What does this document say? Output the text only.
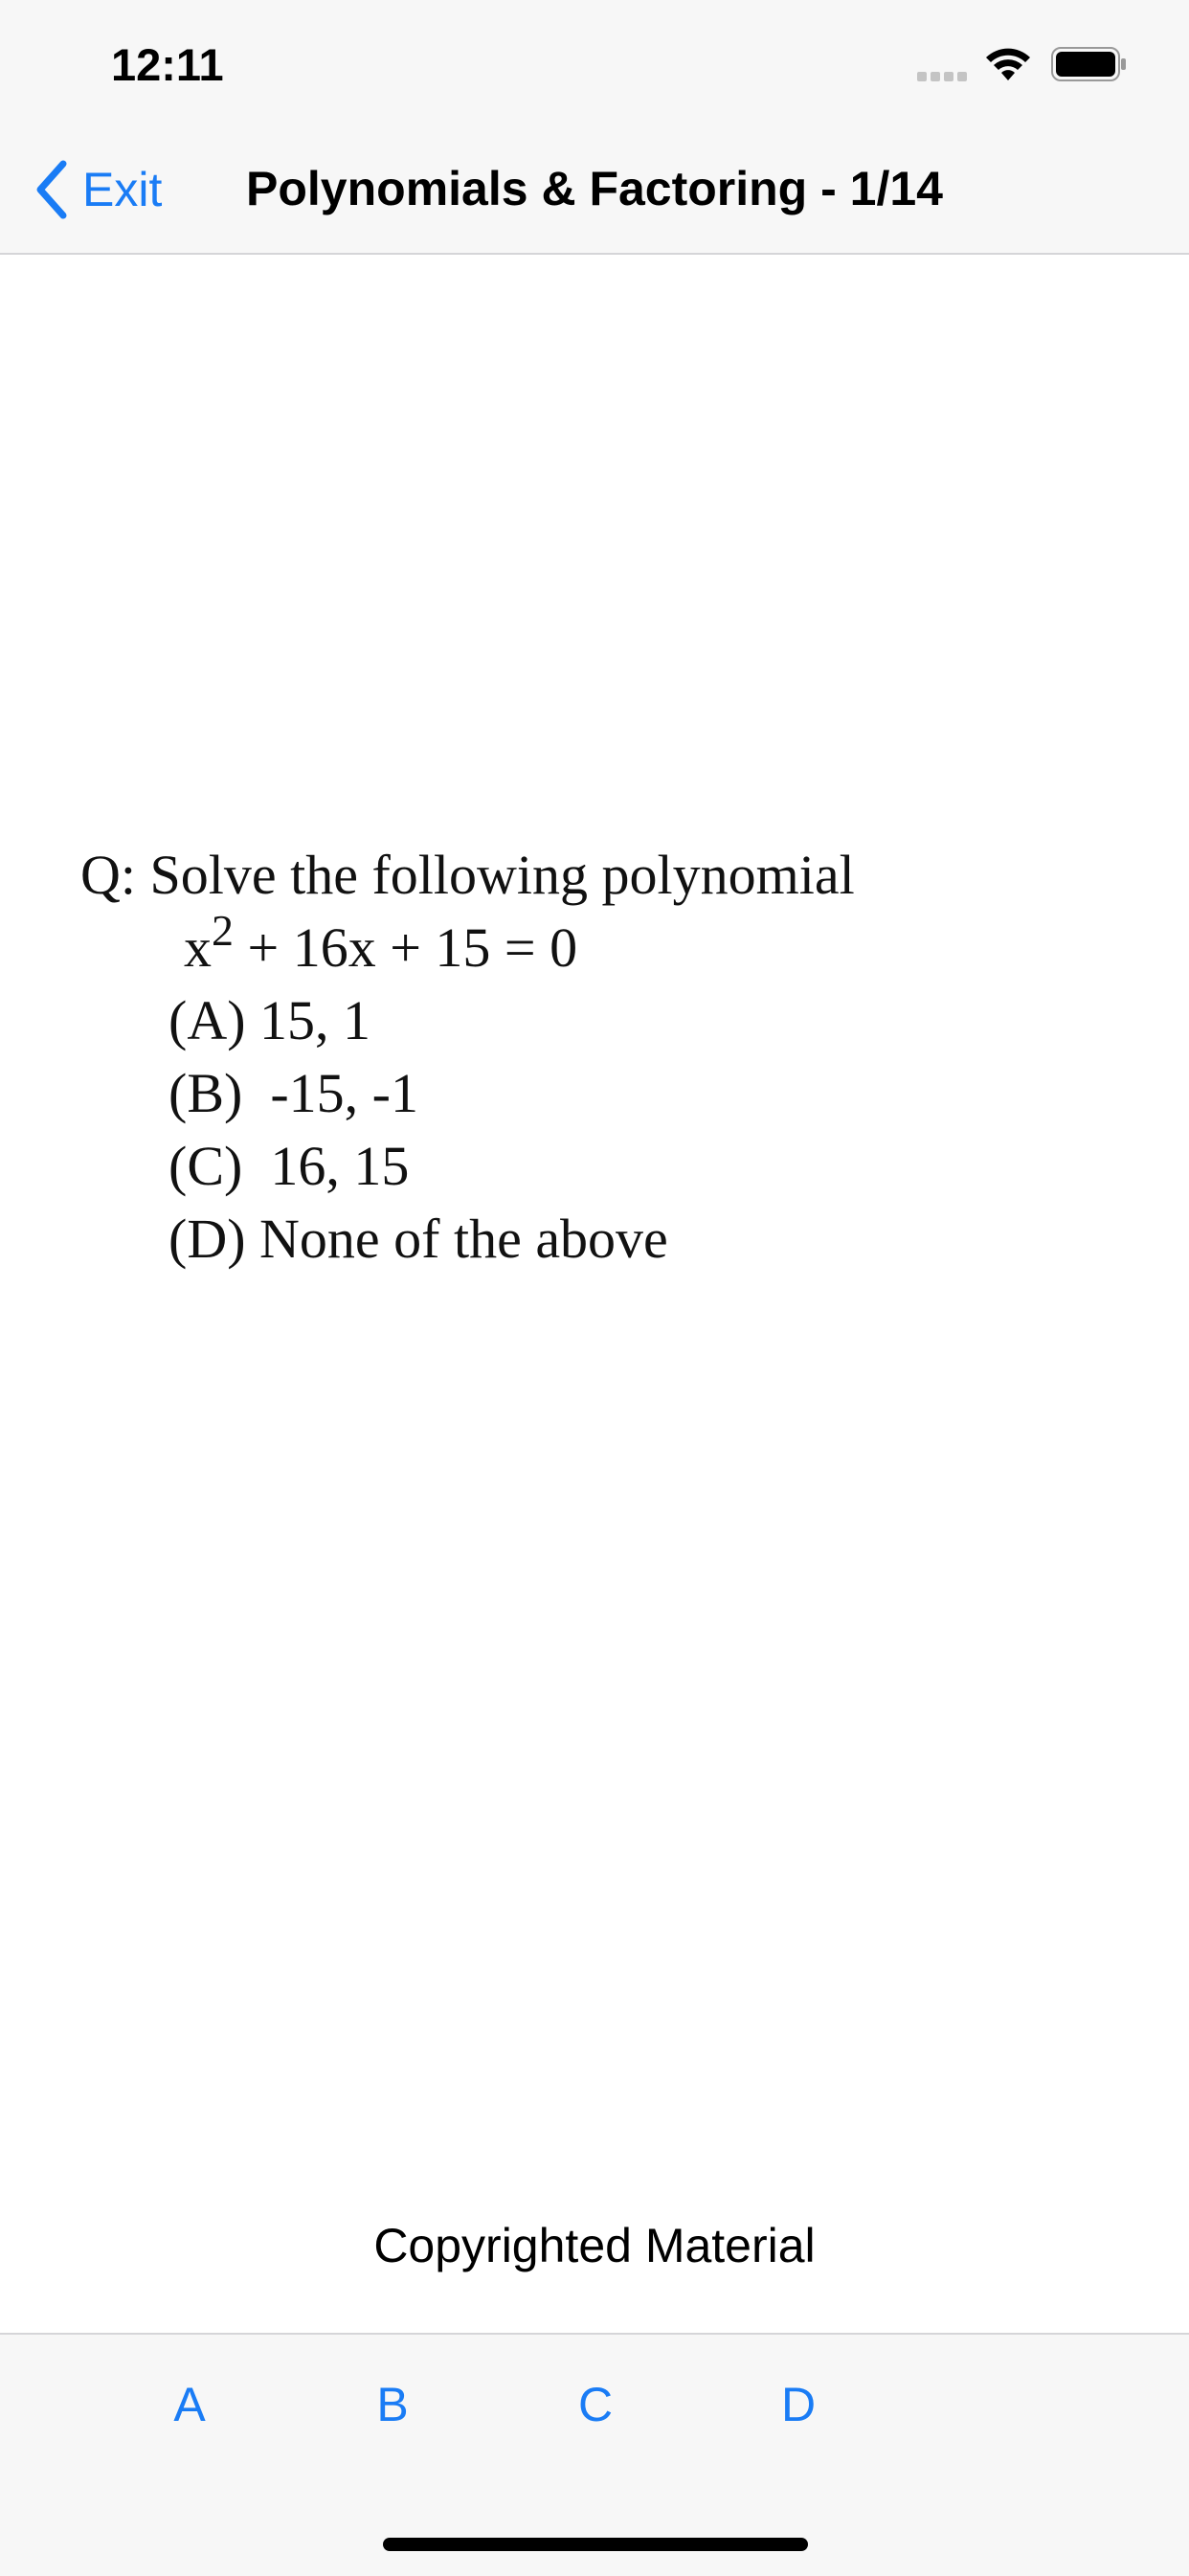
12:11
Exit	Polynomials & Factoring - 1/14
Q: Solve the following polynomial
$x^2 + 16x + 15 = 0$
(A) 15, 1
(B)  -15, -1
(C)  16, 15
(D) None of the above
Copyrighted Material
A	B	C	D
